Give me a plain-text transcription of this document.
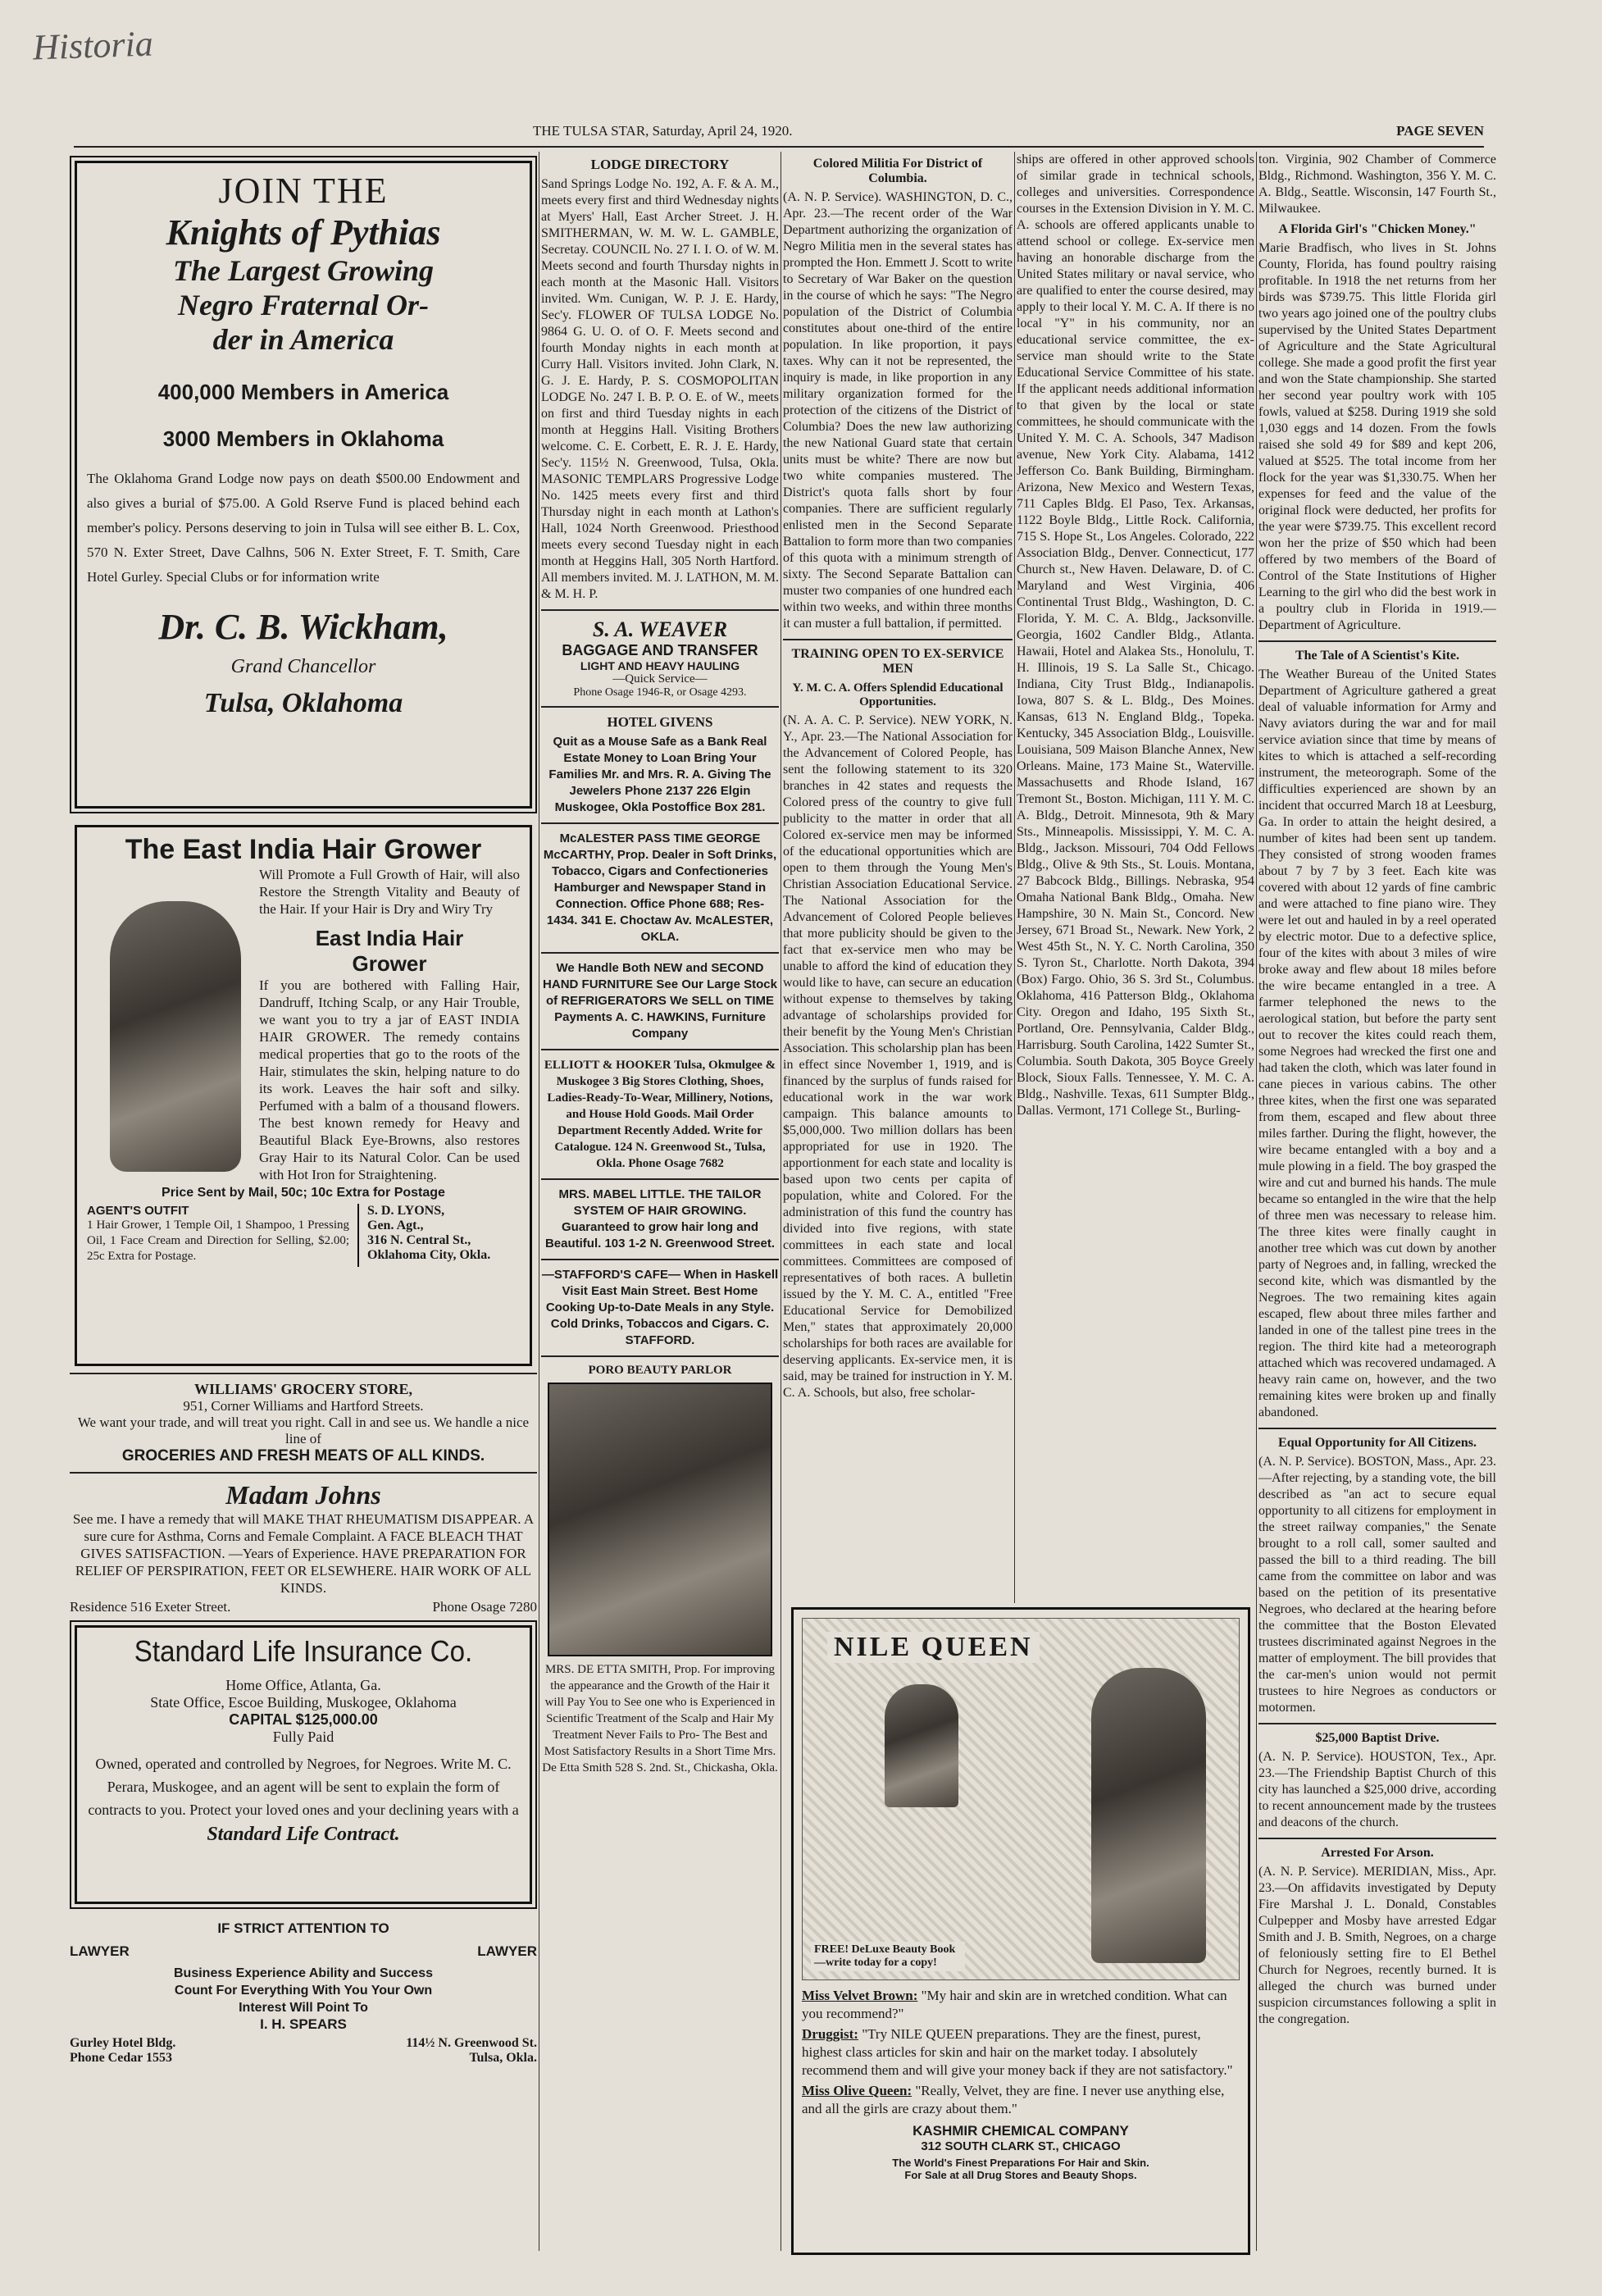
Historia
THE TULSA STAR, Saturday, April 24, 1920.	PAGE SEVEN
JOIN THE
Knights of Pythias
The Largest Growing
Negro Fraternal Or-
der in America
400,000 Members in America
3000 Members in Oklahoma

The Oklahoma Grand Lodge now pays on death $500.00 Endowment and also gives a burial of $75.00. A Gold Rserve Fund is placed behind each member's policy. Persons deserving to join in Tulsa will see either B. L. Cox, 570 N. Exter Street, Dave Calhns, 506 N. Exter Street, F. T. Smith, Care Hotel Gurley. Special Clubs or for information write

Dr. C. B. Wickham,
Grand Chancellor
Tulsa, Oklahoma
The East India Hair Grower

Will Promote a Full Growth of Hair, will also Restore the Strength Vitality and Beauty of the Hair. If your Hair is Dry and Wiry Try

East India Hair
Grower

If you are bothered with Falling Hair, Dandruff, Itching Scalp, or any Hair Trouble, we want you to try a jar of EAST INDIA HAIR GROWER. The remedy contains medical properties that go to the roots of the Hair, stimulates the skin, helping nature to do its work. Leaves the hair soft and silky. Perfumed with a balm of a thousand flowers. The best known remedy for Heavy and Beautiful Black Eye-Browns, also restores Gray Hair to its Natural Color. Can be used with Hot Iron for Straightening.

Price Sent by Mail, 50c; 10c Extra for Postage
AGENT'S OUTFIT

1 Hair Grower, 1 Temple Oil, 1 Shampoo, 1 Pressing Oil, 1 Face Cream and Direction for Selling, $2.00; 25c Extra for Postage.

S. D. LYONS,
Gen. Agt.,
316 N. Central St.,
Oklahoma City, Okla.
WILLIAMS' GROCERY STORE,
951, Corner Williams and Hartford Streets.
We want your trade, and will treat you right. Call in and see us. We handle a nice line of
GROCERIES AND FRESH MEATS OF ALL KINDS.
Madam Johns

See me. I have a remedy that will MAKE THAT RHEUMATISM DISAPPEAR. A sure cure for Asthma, Corns and Female Complaint. A FACE BLEACH THAT GIVES SATISFACTION. —Years of Experience. HAVE PREPARATION FOR RELIEF OF PERSPIRATION, FEET OR ELSEWHERE. HAIR WORK OF ALL KINDS.

Residence 516 Exeter Street.	Phone Osage 7280
Standard Life Insurance Co.
Home Office, Atlanta, Ga.
State Office, Escoe Building, Muskogee, Oklahoma
CAPITAL $125,000.00
Fully Paid

Owned, operated and controlled by Negroes, for Negroes. Write M. C. Perara, Muskogee, and an agent will be sent to explain the form of contracts to you. Protect your loved ones and your declining years with a

Standard Life Contract.
IF STRICT ATTENTION TO
LAWYER	LAWYER

Business Experience Ability and Success Count For Everything With You Your Own Interest Will Point To

I. H. SPEARS
Gurley Hotel Bldg.
Phone Cedar 1553
114½ N. Greenwood St.
Tulsa, Okla.
LODGE DIRECTORY

Sand Springs Lodge No. 192, A. F. & A. M., meets every first and third Wednesday nights at Myers' Hall, East Archer Street. J. H. SMITHERMAN, W. M. W. L. GAMBLE, Secretay. COUNCIL No. 27 I. I. O. of W. M. Meets second and fourth Thursday nights in each month at the Masonic Hall. Visitors invited. Wm. Cunigan, W. P. J. E. Hardy, Sec'y. FLOWER OF TULSA LODGE No. 9864 G. U. O. of O. F. Meets second and fourth Monday nights in each month at Curry Hall. Visitors invited. John Clark, N. G. J. E. Hardy, P. S. COSMOPOLITAN LODGE No. 247 I. B. P. O. E. of W., meets on first and third Tuesday nights in each month at Heggins Hall. Visiting Brothers welcome. C. E. Corbett, E. R. J. E. Hardy, Sec'y. 115½ N. Greenwood, Tulsa, Okla. MASONIC TEMPLARS Progressive Lodge No. 1425 meets every first and third Thursday night in each month at Lathon's Hall, 1024 North Greenwood. Priesthood meets every second Tuesday night in each month at Heggins Hall, 305 North Hartford. All members invited. M. J. LATHON, M. M. & M. H. P.

S. A. WEAVER
BAGGAGE AND TRANSFER
LIGHT AND HEAVY HAULING
—Quick Service—
Phone Osage 1946-R, or Osage 4293.
HOTEL GIVENS

Quit as a Mouse Safe as a Bank Real Estate Money to Loan Bring Your Families Mr. and Mrs. R. A. Giving The Jewelers Phone 2137 226 Elgin Muskogee, Okla Postoffice Box 281.

McALESTER PASS TIME GEORGE McCARTHY, Prop. Dealer in Soft Drinks, Tobacco, Cigars and Confectioneries Hamburger and Newspaper Stand in Connection. Office Phone 688; Res- 1434. 341 E. Choctaw Av. McALESTER, OKLA.

We Handle Both NEW and SECOND HAND FURNITURE See Our Large Stock of REFRIGERATORS We SELL on TIME Payments A. C. HAWKINS, Furniture Company

ELLIOTT & HOOKER Tulsa, Okmulgee & Muskogee 3 Big Stores Clothing, Shoes, Ladies-Ready-To-Wear, Millinery, Notions, and House Hold Goods. Mail Order Department Recently Added. Write for Catalogue. 124 N. Greenwood St., Tulsa, Okla. Phone Osage 7682

MRS. MABEL LITTLE. THE TAILOR SYSTEM OF HAIR GROWING. Guaranteed to grow hair long and Beautiful. 103 1-2 N. Greenwood Street.

—STAFFORD'S CAFE— When in Haskell Visit East Main Street. Best Home Cooking Up-to-Date Meals in any Style. Cold Drinks, Tobaccos and Cigars. C. STAFFORD.

PORO BEAUTY PARLOR

MRS. DE ETTA SMITH, Prop. For improving the appearance and the Growth of the Hair it will Pay You to See one who is Experienced in Scientific Treatment of the Scalp and Hair My Treatment Never Fails to Pro- The Best and Most Satisfactory Results in a Short Time Mrs. De Etta Smith 528 S. 2nd. St., Chickasha, Okla.

Colored Militia For District of Columbia.

(A. N. P. Service). WASHINGTON, D. C., Apr. 23.—The recent order of the War Department authorizing the organization of Negro Militia men in the several states has prompted the Hon. Emmett J. Scott to write to Secretary of War Baker on the question in the course of which he says: "The Negro population of the District of Columbia constitutes about one-third of the entire population. In like proportion, it pays taxes. Why can it not be represented, the inquiry is made, in like proportion in any military organization formed for the protection of the citizens of the District of Columbia? Does the new law authorizing the new National Guard state that certain units must be white? There are now but two white companies mustered. The District's quota falls short by four companies. There are sufficient regularly enlisted men in the Second Separate Battalion to form more than two companies of this quota with a minimum strength of sixty. The Second Separate Battalion can muster two companies of one hundred each within two weeks, and within three months it can muster a full battalion, if permitted.

TRAINING OPEN TO EX-SERVICE MEN
Y. M. C. A. Offers Splendid Educational Opportunities.

(N. A. A. C. P. Service). NEW YORK, N. Y., Apr. 23.—The National Association for the Advancement of Colored People, has sent the following statement to its 320 branches in 42 states and requests the Colored press of the country to give full publicity to the matter in order that all Colored ex-service men may be informed of the educational opportunities which are open to them through the Young Men's Christian Association Educational Service. The National Association for the Advancement of Colored People believes that more publicity should be given to the fact that ex-service men who may be unable to afford the kind of education they would like to have, can secure an education without expense to themselves by taking advantage of scholarships provided for their benefit by the Young Men's Christian Association. This scholarship plan has been in effect since November 1, 1919, and is financed by the surplus of funds raised for educational work in the war work campaign. This balance amounts to $5,000,000. Two million dollars has been appropriated for use in 1920. The apportionment for each state and locality is based upon two cents per capita of population, white and Colored. For the administration of this fund the country has divided into five regions, with state committees in each state and local committees. Committees are composed of representatives of both races. A bulletin issued by the Y. M. C. A., entitled "Free Educational Service for Demobilized Men," states that approximately 20,000 scholarships for both races are available for deserving applicants. Ex-service men, it is said, may be trained for instruction in Y. M. C. A. Schools, but also, free scholar-

ships are offered in other approved schools of similar grade in technical schools, colleges and universities. Correspondence courses in the Extension Division in Y. M. C. A. schools are offered applicants unable to attend school or college. Ex-service men having an honorable discharge from the United States military or naval service, who are qualified to enter the course desired, may apply to their local Y. M. C. A. If there is no local "Y" in his community, nor an educational service committee, the ex-service man should write to the State Educational Service Committee of his state. If the applicant needs additional information to that given by the local or state committees, he should communicate with the United Y. M. C. A. Schools, 347 Madison avenue, New York City. Alabama, 1412 Jefferson Co. Bank Building, Birmingham. Arizona, New Mexico and Western Texas, 711 Caples Bldg. El Paso, Tex. Arkansas, 1122 Boyle Bldg., Little Rock. California, 715 S. Hope St., Los Angeles. Colorado, 222 Association Bldg., Denver. Connecticut, 177 Church st., New Haven. Delaware, D. of C. Maryland and West Virginia, 406 Continental Trust Bldg., Washington, D. C. Florida, Y. M. C. A. Bldg., Jacksonville. Georgia, 1602 Candler Bldg., Atlanta. Hawaii, Hotel and Alakea Sts., Honolulu, T. H. Illinois, 19 S. La Salle St., Chicago. Indiana, City Trust Bldg., Indianapolis. Iowa, 807 S. & L. Bldg., Des Moines. Kansas, 613 N. England Bldg., Topeka. Kentucky, 345 Association Bldg., Louisville. Louisiana, 509 Maison Blanche Annex, New Orleans. Maine, 173 Maine St., Waterville. Massachusetts and Rhode Island, 167 Tremont St., Boston. Michigan, 111 Y. M. C. A. Bldg., Detroit. Minnesota, 9th & Mary Sts., Minneapolis. Mississippi, Y. M. C. A. Bldg., Jackson. Missouri, 704 Odd Fellows Bldg., Olive & 9th Sts., St. Louis. Montana, 27 Babcock Bldg., Billings. Nebraska, 954 Omaha National Bank Bldg., Omaha. New Hampshire, 30 N. Main St., Concord. New Jersey, 671 Broad St., Newark. New York, 2 West 45th St., N. Y. C. North Carolina, 350 S. Tyron St., Charlotte. North Dakota, 394 (Box) Fargo. Ohio, 36 S. 3rd St., Columbus. Oklahoma, 416 Patterson Bldg., Oklahoma City. Oregon and Idaho, 195 Sixth St., Portland, Ore. Pennsylvania, Calder Bldg., Harrisburg. South Carolina, 1422 Sumter St., Columbia. South Dakota, 305 Boyce Greely Block, Sioux Falls. Tennessee, Y. M. C. A. Bldg., Nashville. Texas, 611 Sumpter Bldg., Dallas. Vermont, 171 College St., Burling-

NILE QUEEN
FREE! DeLuxe Beauty Book—write today for a copy!

Miss Velvet Brown: "My hair and skin are in wretched condition. What can you recommend?"

Druggist: "Try NILE QUEEN preparations. They are the finest, purest, highest class articles for skin and hair on the market today. I absolutely recommend them and will give your money back if they are not satisfactory."

Miss Olive Queen: "Really, Velvet, they are fine. I never use anything else, and all the girls are crazy about them."

KASHMIR CHEMICAL COMPANY
312 SOUTH CLARK ST., CHICAGO
The World's Finest Preparations For Hair and Skin.
For Sale at all Drug Stores and Beauty Shops.

ton. Virginia, 902 Chamber of Commerce Bldg., Richmond. Washington, 356 Y. M. C. A. Bldg., Seattle. Wisconsin, 147 Fourth St., Milwaukee.

A Florida Girl's "Chicken Money."

Marie Bradfisch, who lives in St. Johns County, Florida, has found poultry raising profitable. In 1918 the net returns from her birds was $739.75. This little Florida girl two years ago joined one of the poultry clubs supervised by the United States Department of Agriculture and the State Agricultural college. She made a good profit the first year and won the State championship. She started her second year poultry work with 105 fowls, valued at $258. During 1919 she sold 1,030 eggs and 14 dozen. From the fowls raised she sold 49 for $89 and kept 206, valued at $525. The total income from her flock for the year was $1,330.75. When her expenses for feed and the value of the original flock were deducted, her profits for the year were $739.75. This excellent record won her the prize of $50 which had been offered by two members of the Board of Control of the State Institutions of Higher Learning to the girl who did the best work in a poultry club in Florida in 1919.—Department of Agriculture.

The Tale of A Scientist's Kite.

The Weather Bureau of the United States Department of Agriculture gathered a great deal of valuable information for Army and Navy aviators during the war and for mail service aviation since that time by means of kites to which is attached a self-recording instrument, the meteorograph. Some of the difficulties experienced are shown by an incident that occurred March 18 at Leesburg, Ga. In order to attain the height desired, a number of kites had been sent up tandem. They consisted of strong wooden frames about 7 by 7 by 3 feet. Each kite was covered with about 12 yards of fine cambric and were attached to fine piano wire. They were let out and hauled in by a reel operated by electric motor. Due to a defective splice, four of the kites with about 3 miles of wire broke away and flew about 18 miles before the wire became entangled in a tree. A farmer telephoned the news to the aerological station, but before the party sent out to recover the kites could reach them, some Negroes had wrecked the first one and had taken the cloth, which was later found in cane pieces in various cabins. The other three kites, when the first one was separated from them, escaped and flew about three miles farther. During the flight, however, the wire became entangled with a boy and a mule plowing in a field. The boy grasped the wire and cut and burned his hands. The mule became so entangled in the wire that the help of three men was necessary to release him. The three kites were finally caught in another tree which was cut down by another party of Negroes and, in falling, wrecked the second kite, which was dismantled by the Negroes. The two remaining kites again escaped, flew about three miles farther and landed in one of the tallest pine trees in the region. The third kite had a meteorograph attached which was recovered undamaged. A heavy rain came on, however, and the two remaining kites were broken up and finally abandoned.

Equal Opportunity for All Citizens.

(A. N. P. Service). BOSTON, Mass., Apr. 23.—After rejecting, by a standing vote, the bill described as "an act to secure equal opportunity to all citizens for employment in the street railway companies," the Senate brought to a roll call, somer saulted and passed the bill to a third reading. The bill came from the committee on labor and was based on the petition of its presentative Negroes, who declared at the hearing before the committee that the Boston Elevated trustees discriminated against Negroes in the matter of employment. The bill provides that the car-men's union would not permit trustees to hire Negroes as conductors or motormen.

$25,000 Baptist Drive.

(A. N. P. Service). HOUSTON, Tex., Apr. 23.—The Friendship Baptist Church of this city has launched a $25,000 drive, according to recent announcement made by the trustees and deacons of the church.

Arrested For Arson.

(A. N. P. Service). MERIDIAN, Miss., Apr. 23.—On affidavits investigated by Deputy Fire Marshal J. L. Donald, Constables Culpepper and Mosby have arrested Edgar Smith and J. B. Smith, Negroes, on a charge of feloniously setting fire to El Bethel Church for Negroes, recently burned. It is alleged the church was burned under suspicion circumstances following a split in the congregation.
